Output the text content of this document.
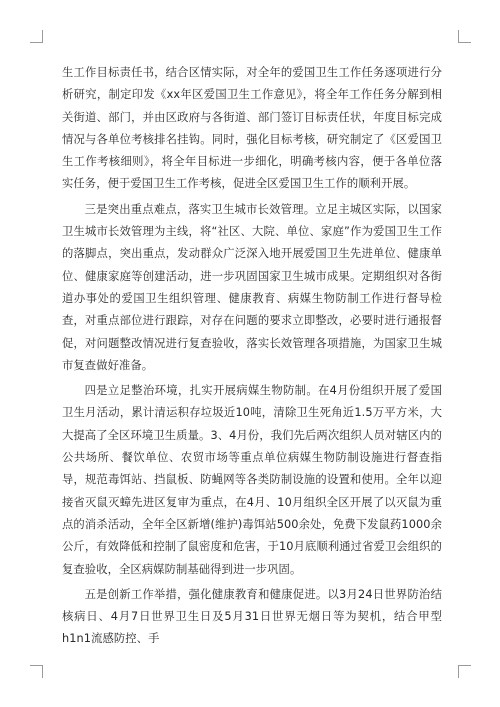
生工作目标责任书，结合区情实际，对全年的爱国卫生工作任务逐项进行分析研究，制定印发《xx年区爱国卫生工作意见》，将全年工作任务分解到相关街道、部门，并由区政府与各街道、部门签订目标责任状，年度目标完成情况与各单位考核排名挂钩。同时，强化目标考核，研究制定了《区爱国卫生工作考核细则》，将全年目标进一步细化，明确考核内容，便于各单位落实任务，便于爱国卫生工作考核，促进全区爱国卫生工作的顺利开展。

三是突出重点难点，落实卫生城市长效管理。立足主城区实际，以国家卫生城市长效管理为主线，将“社区、大院、单位、家庭”作为爱国卫生工作的落脚点，突出重点，发动群众广泛深入地开展爱国卫生先进单位、健康单位、健康家庭等创建活动，进一步巩固国家卫生城市成果。定期组织对各街道办事处的爱国卫生组织管理、健康教育、病媒生物防制工作进行督导检查，对重点部位进行跟踪，对存在问题的要求立即整改，必要时进行通报督促，对问题整改情况进行复查验收，落实长效管理各项措施，为国家卫生城市复查做好准备。

四是立足整治环境，扎实开展病媒生物防制。在4月份组织开展了爱国卫生月活动，累计清运积存垃圾近10吨，清除卫生死角近1.5万平方米，大大提高了全区环境卫生质量。3、4月份，我们先后两次组织人员对辖区内的公共场所、餐饮单位、农贸市场等重点单位病媒生物防制设施进行督查指导，规范毒饵站、挡鼠板、防蝇网等各类防制设施的设置和使用。全年以迎接省灭鼠灭蟑先进区复审为重点，在4月、10月组织全区开展了以灭鼠为重点的消杀活动，全年全区新增(维护)毒饵站500余处，免费下发鼠药1000余公斤，有效降低和控制了鼠密度和危害，于10月底顺利通过省爱卫会组织的复查验收，全区病媒防制基础得到进一步巩固。

五是创新工作举措，强化健康教育和健康促进。以3月24日世界防治结核病日、4月7日世界卫生日及5月31日世界无烟日等为契机，结合甲型h1n1流感防控、手
